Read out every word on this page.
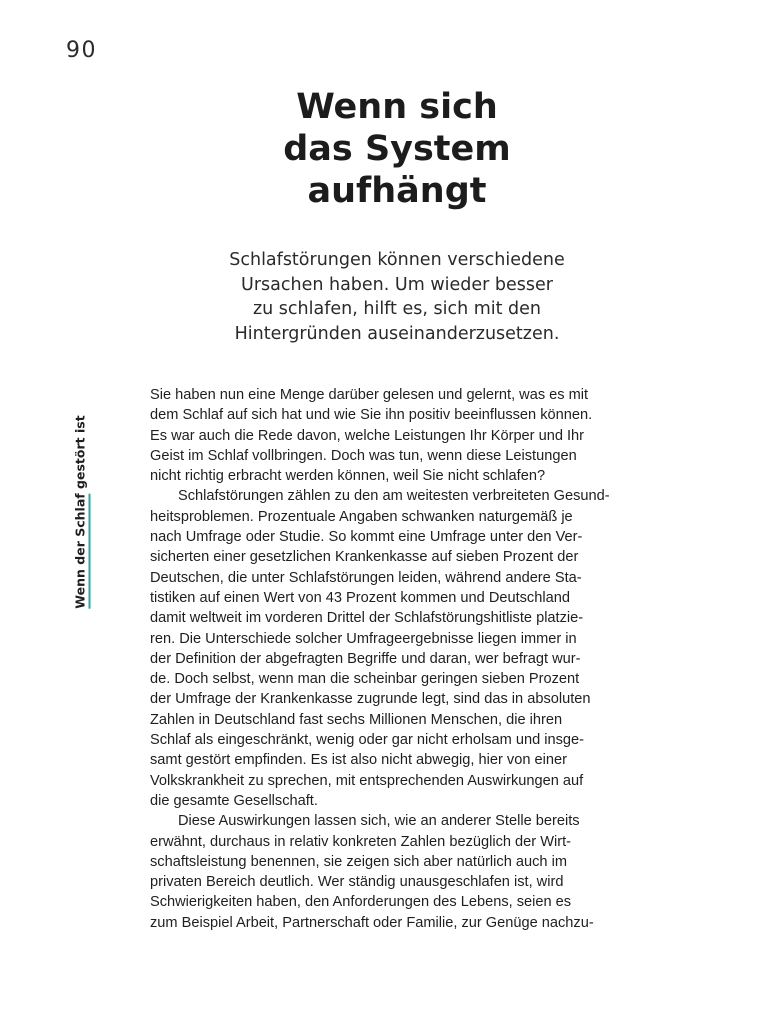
90
Wenn der Schlaf gestört ist
Wenn sich
das System
aufhängt

Schlafstörungen können verschiedene
Ursachen haben. Um wieder besser
zu schlafen, hilft es, sich mit den
Hintergründen auseinanderzusetzen.

Sie haben nun eine Menge darüber gelesen und gelernt, was es mit
dem Schlaf auf sich hat und wie Sie ihn positiv beeinflussen können.
Es war auch die Rede davon, welche Leistungen Ihr Körper und Ihr
Geist im Schlaf vollbringen. Doch was tun, wenn diese Leistungen
nicht richtig erbracht werden können, weil Sie nicht schlafen?
Schlafstörungen zählen zu den am weitesten verbreiteten Gesund-
heitsproblemen. Prozentuale Angaben schwanken naturgemäß je
nach Umfrage oder Studie. So kommt eine Umfrage unter den Ver-
sicherten einer gesetzlichen Krankenkasse auf sieben Prozent der
Deutschen, die unter Schlafstörungen leiden, während andere Sta-
tistiken auf einen Wert von 43 Prozent kommen und Deutschland
damit weltweit im vorderen Drittel der Schlafstörungshitliste platzie-
ren. Die Unterschiede solcher Umfrageergebnisse liegen immer in
der Definition der abgefragten Begriffe und daran, wer befragt wur-
de. Doch selbst, wenn man die scheinbar geringen sieben Prozent
der Umfrage der Krankenkasse zugrunde legt, sind das in absoluten
Zahlen in Deutschland fast sechs Millionen Menschen, die ihren
Schlaf als eingeschränkt, wenig oder gar nicht erholsam und insge-
samt gestört empfinden. Es ist also nicht abwegig, hier von einer
Volkskrankheit zu sprechen, mit entsprechenden Auswirkungen auf
die gesamte Gesellschaft.
Diese Auswirkungen lassen sich, wie an anderer Stelle bereits
erwähnt, durchaus in relativ konkreten Zahlen bezüglich der Wirt-
schaftsleistung benennen, sie zeigen sich aber natürlich auch im
privaten Bereich deutlich. Wer ständig unausgeschlafen ist, wird
Schwierigkeiten haben, den Anforderungen des Lebens, seien es
zum Beispiel Arbeit, Partnerschaft oder Familie, zur Genüge nachzu-
